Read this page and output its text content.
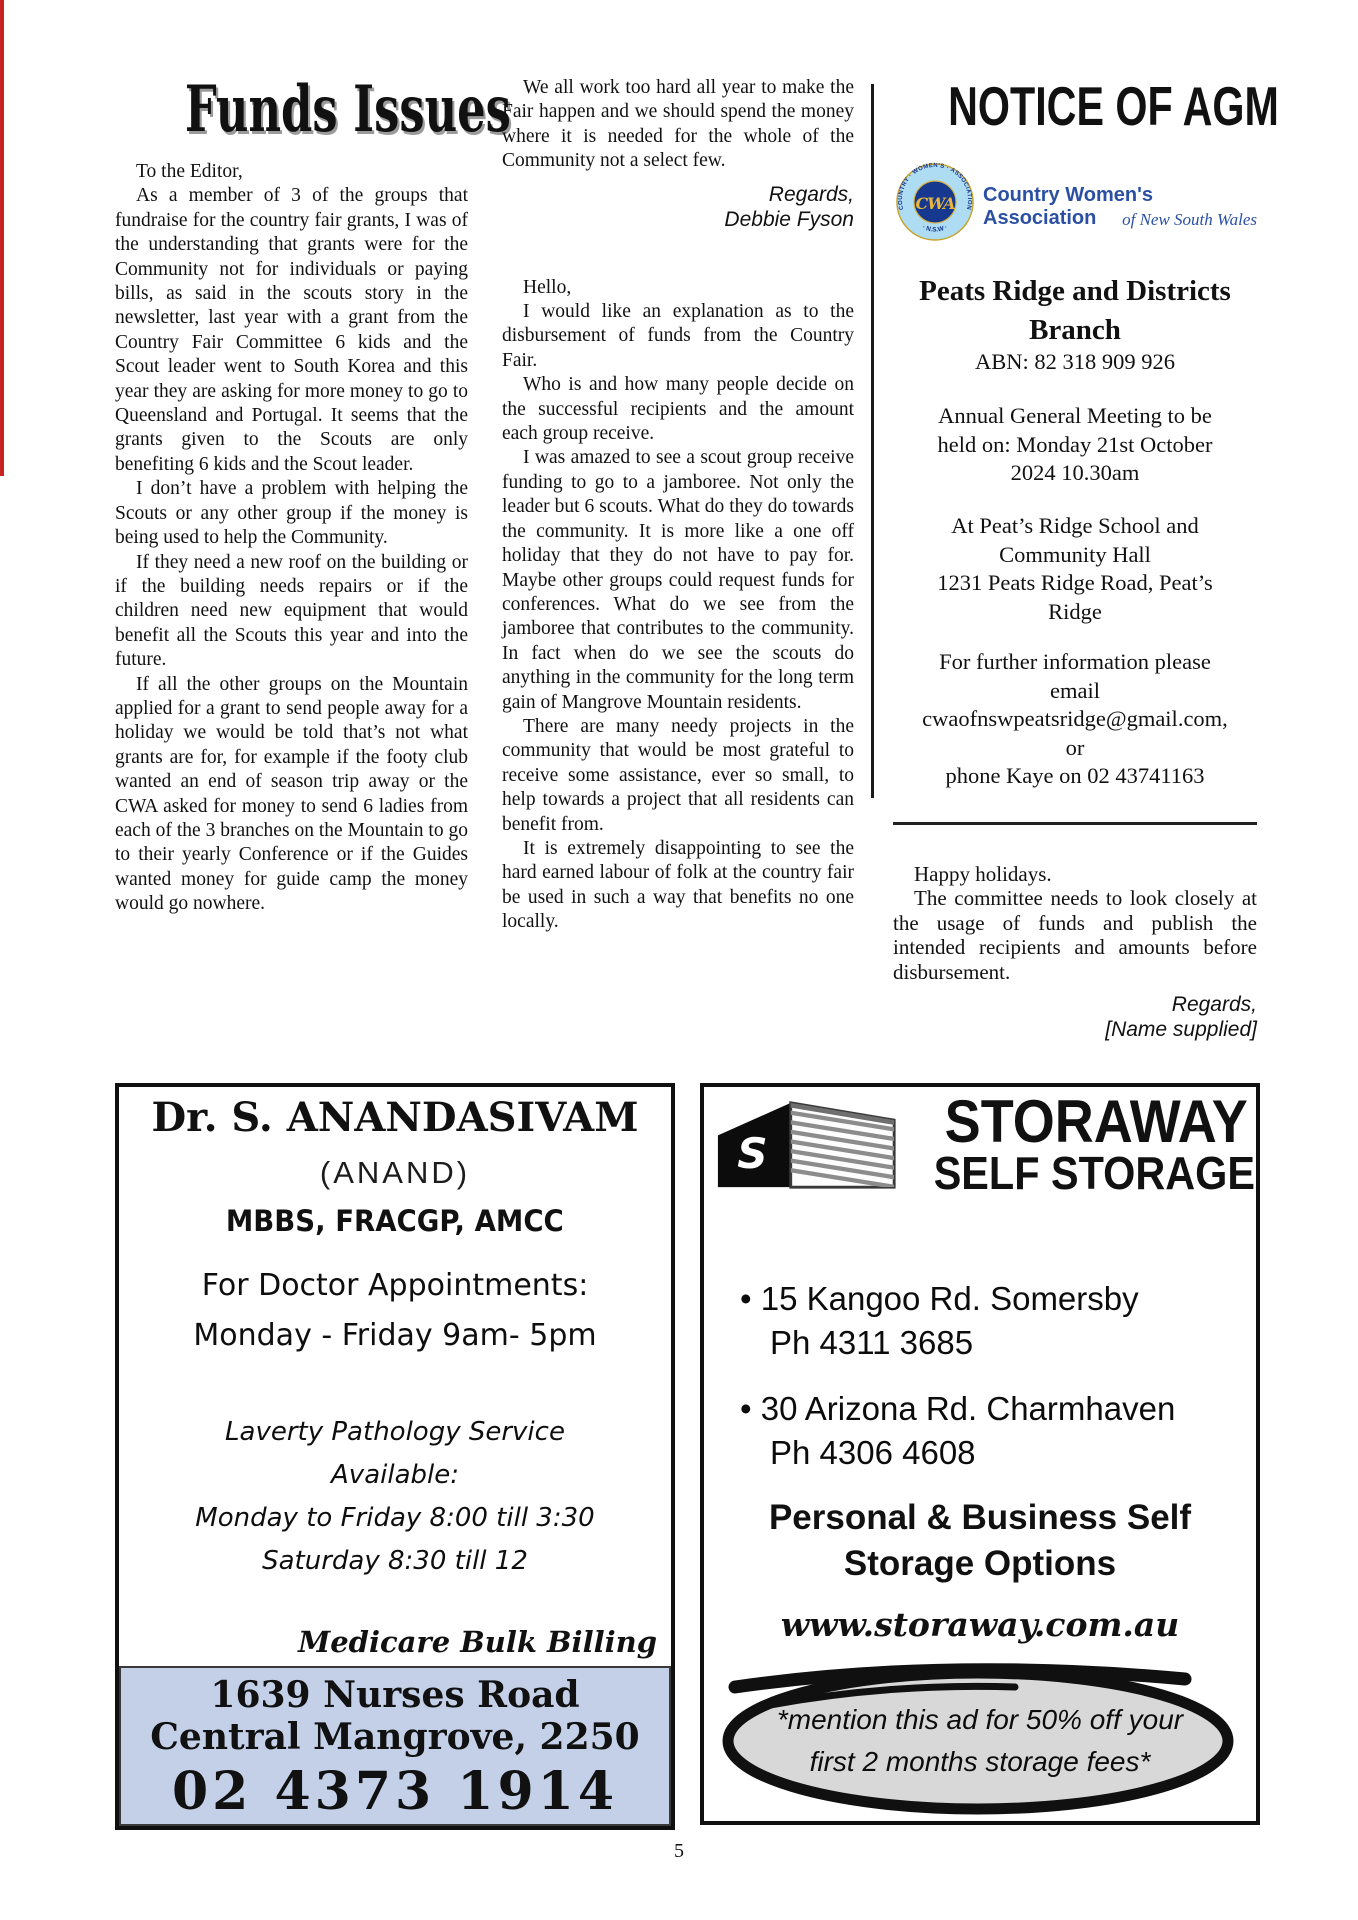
Funds Issues

To the Editor,

As a member of 3 of the groups that fundraise for the country fair grants, I was of the understanding that grants were for the Community not for individuals or paying bills, as said in the scouts story in the newsletter, last year with a grant from the Country Fair Committee 6 kids and the Scout leader went to South Korea and this year they are asking for more money to go to Queensland and Portugal. It seems that the grants given to the Scouts are only benefiting 6 kids and the Scout leader.

I don’t have a problem with helping the Scouts or any other group if the money is being used to help the Community.

If they need a new roof on the building or if the building needs repairs or if the children need new equipment that would benefit all the Scouts this year and into the future.

If all the other groups on the Mountain applied for a grant to send people away for a holiday we would be told that’s not what grants are for, for example if the footy club wanted an end of season trip away or the CWA asked for money to send 6 ladies from each of the 3 branches on the Mountain to go to their yearly Conference or if the Guides wanted money for guide camp the money would go nowhere.

We all work too hard all year to make the Fair happen and we should spend the money where it is needed for the whole of the Community not a select few.

Regards,
Debbie Fyson

Hello,

I would like an explanation as to the disbursement of funds from the Country Fair.

Who is and how many people decide on the successful recipients and the amount each group receive.

I was amazed to see a scout group receive funding to go to a jamboree. Not only the leader but 6 scouts. What do they do towards the community. It is more like a one off holiday that they do not have to pay for. Maybe other groups could request funds for conferences. What do we see from the jamboree that contributes to the community. In fact when do we see the scouts do anything in the community for the long term gain of Mangrove Mountain residents.

There are many needy projects in the community that would be most grateful to receive some assistance, ever so small, to help towards a project that all residents can benefit from.

It is extremely disappointing to see the hard earned labour of folk at the country fair be used in such a way that benefits no one locally.

NOTICE OF AGM
COUNTRY · WOMEN'S · ASSOCIATION
· N.S.W ·
CWA Country Women's Association	of New South Wales
Peats Ridge and Districts
Branch
ABN: 82 318 909 926
Annual General Meeting to be
held on: Monday 21st October
2024 10.30am
At Peat’s Ridge School and
Community Hall
1231 Peats Ridge Road, Peat’s
Ridge
For further information please
email
cwaofnswpeatsridge@gmail.com,
or
phone Kaye on 02 43741163

Happy holidays.

The committee needs to look closely at the usage of funds and publish the intended recipients and amounts before disbursement.

Regards,
[Name supplied]
Dr. S. ANANDASIVAM
(ANAND)
MBBS, FRACGP, AMCC
For Doctor Appointments:
Monday - Friday 9am- 5pm
Laverty Pathology Service
Available:
Monday to Friday 8:00 till 3:30
Saturday 8:30 till 12
Medicare Bulk Billing
1639 Nurses Road
Central Mangrove, 2250
02 4373 1914
S	STORAWAY
SELF STORAGE
• 15 Kangoo Rd. Somersby
Ph 4311 3685
• 30 Arizona Rd. Charmhaven
Ph 4306 4608
Personal & Business Self
Storage Options
www.storaway.com.au
*mention this ad for 50% off your
first 2 months storage fees*
5
